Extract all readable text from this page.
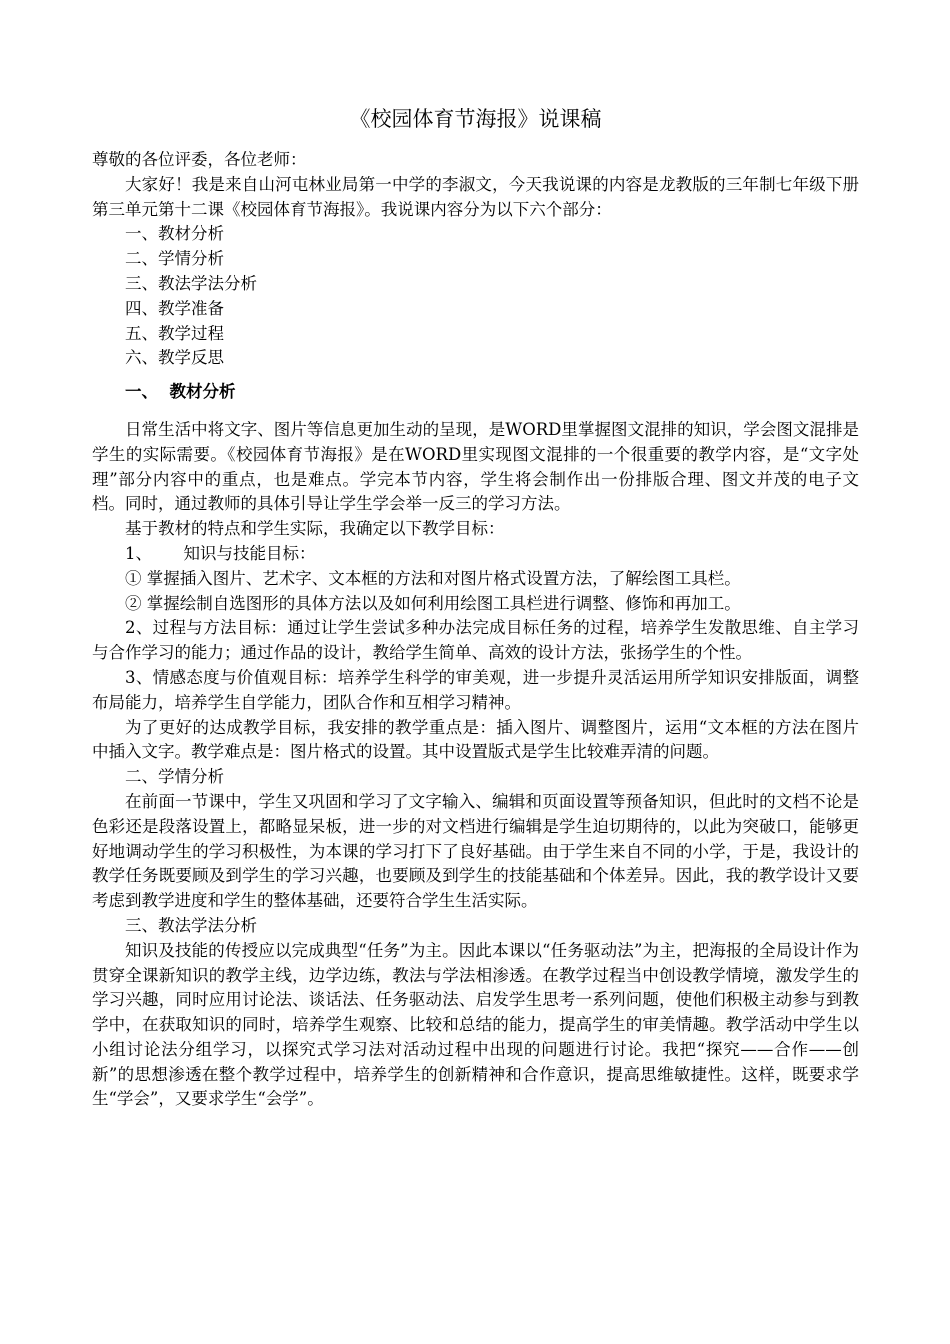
《校园体育节海报》说课稿

尊敬的各位评委，各位老师：

大家好！我是来自山河屯林业局第一中学的李淑文，今天我说课的内容是龙教版的三年制七年级下册第三单元第十二课《校园体育节海报》。我说课内容分为以下六个部分：

一、教材分析

二、学情分析

三、教法学法分析

四、教学准备

五、教学过程

六、教学反思

一、  教材分析

日常生活中将文字、图片等信息更加生动的呈现，是WORD里掌握图文混排的知识，学会图文混排是学生的实际需要。《校园体育节海报》是在WORD里实现图文混排的一个很重要的教学内容，是“文字处理”部分内容中的重点，也是难点。学完本节内容，学生将会制作出一份排版合理、图文并茂的电子文档。同时，通过教师的具体引导让学生学会举一反三的学习方法。

基于教材的特点和学生实际，我确定以下教学目标：

1、      知识与技能目标：

① 掌握插入图片、艺术字、文本框的方法和对图片格式设置方法，了解绘图工具栏。

② 掌握绘制自选图形的具体方法以及如何利用绘图工具栏进行调整、修饰和再加工。

2、过程与方法目标：通过让学生尝试多种办法完成目标任务的过程，培养学生发散思维、自主学习与合作学习的能力；通过作品的设计，教给学生简单、高效的设计方法，张扬学生的个性。

3、情感态度与价值观目标：培养学生科学的审美观，进一步提升灵活运用所学知识安排版面，调整布局能力，培养学生自学能力，团队合作和互相学习精神。

为了更好的达成教学目标，我安排的教学重点是：插入图片、调整图片，运用“文本框的方法在图片中插入文字。教学难点是：图片格式的设置。其中设置版式是学生比较难弄清的问题。

二、学情分析

在前面一节课中，学生又巩固和学习了文字输入、编辑和页面设置等预备知识，但此时的文档不论是色彩还是段落设置上，都略显呆板，进一步的对文档进行编辑是学生迫切期待的，以此为突破口，能够更好地调动学生的学习积极性，为本课的学习打下了良好基础。由于学生来自不同的小学，于是，我设计的教学任务既要顾及到学生的学习兴趣，也要顾及到学生的技能基础和个体差异。因此，我的教学设计又要考虑到教学进度和学生的整体基础，还要符合学生生活实际。

三、教法学法分析

知识及技能的传授应以完成典型“任务”为主。因此本课以“任务驱动法”为主，把海报的全局设计作为贯穿全课新知识的教学主线，边学边练，教法与学法相渗透。在教学过程当中创设教学情境，激发学生的学习兴趣，同时应用讨论法、谈话法、任务驱动法、启发学生思考一系列问题，使他们积极主动参与到教学中，在获取知识的同时，培养学生观察、比较和总结的能力，提高学生的审美情趣。教学活动中学生以小组讨论法分组学习，以探究式学习法对活动过程中出现的问题进行讨论。我把“探究——合作——创新”的思想渗透在整个教学过程中，培养学生的创新精神和合作意识，提高思维敏捷性。这样，既要求学生“学会”，又要求学生“会学”。
